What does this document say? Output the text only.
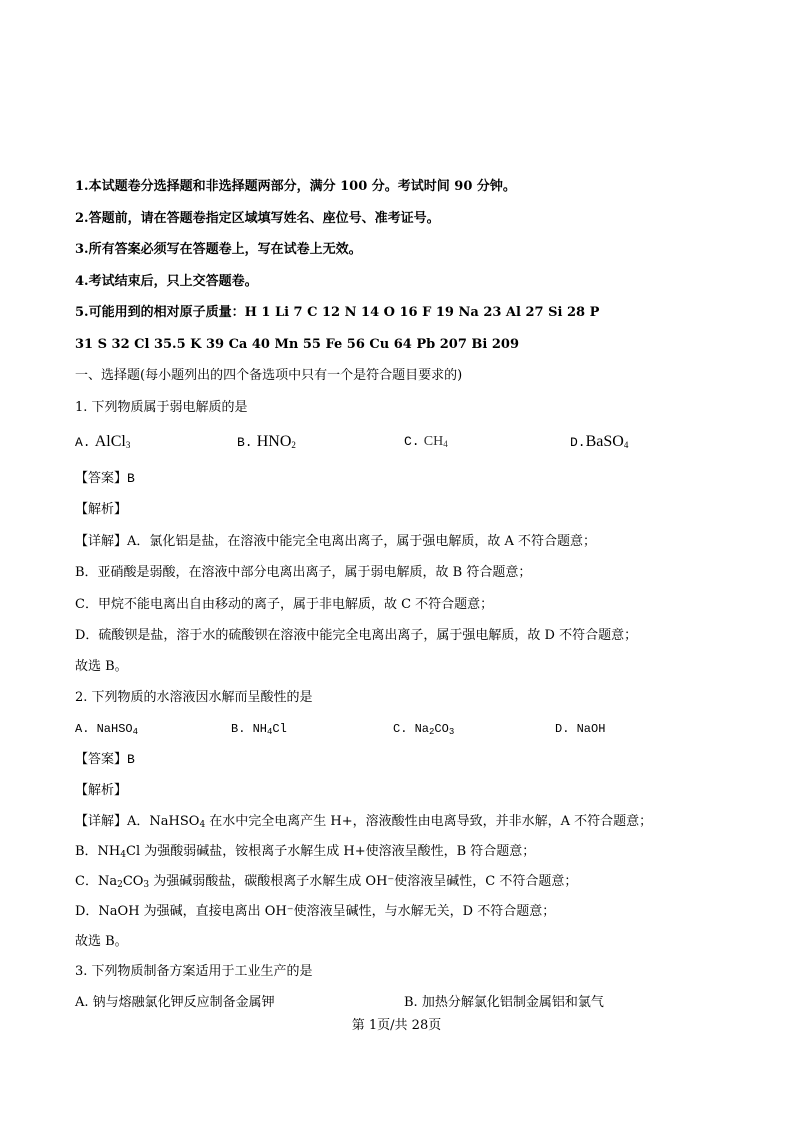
1.本试题卷分选择题和非选择题两部分，满分 100 分。考试时间 90 分钟。
2.答题前，请在答题卷指定区域填写姓名、座位号、准考证号。
3.所有答案必须写在答题卷上，写在试卷上无效。
4.考试结束后，只上交答题卷。
5.可能用到的相对原子质量：H 1 Li 7 C 12 N 14 O 16 F 19 Na 23 Al 27 Si 28 P
31 S 32 Cl 35.5 K 39 Ca 40 Mn 55 Fe 56 Cu 64 Pb 207 Bi 209
一、选择题(每小题列出的四个备选项中只有一个是符合题目要求的)
1. 下列物质属于弱电解质的是
A. AlCl$_3$	B. $HNO_2$	C. $CH_4$	D.BaSO$_4$
【答案】B
【解析】
【详解】A．氯化铝是盐，在溶液中能完全电离出离子，属于强电解质，故 A 不符合题意；
B．亚硝酸是弱酸，在溶液中部分电离出离子，属于弱电解质，故 B 符合题意；
C．甲烷不能电离出自由移动的离子，属于非电解质，故 C 不符合题意；
D．硫酸钡是盐，溶于水的硫酸钡在溶液中能完全电离出离子，属于强电解质，故 D 不符合题意；
故选 B。
2. 下列物质的水溶液因水解而呈酸性的是
A. NaHSO$_4$	B. $NH_4Cl$	C. $Na_2CO_3$	D. NaOH
【答案】B
【解析】
【详解】A．NaHSO$_4$ 在水中完全电离产生 H+，溶液酸性由电离导致，并非水解，A 不符合题意；
B．$NH_4Cl$ 为强酸弱碱盐，铵根离子水解生成 H+使溶液呈酸性，B 符合题意；
C．$Na_2CO_3$ 为强碱弱酸盐，碳酸根离子水解生成 OH⁻使溶液呈碱性，C 不符合题意；
D．NaOH 为强碱，直接电离出 OH⁻使溶液呈碱性，与水解无关，D 不符合题意；
故选 B。
3. 下列物质制备方案适用于工业生产的是
A. 钠与熔融氯化钾反应制备金属钾	B. 加热分解氯化铝制金属铝和氯气
第 1页/共 28页
